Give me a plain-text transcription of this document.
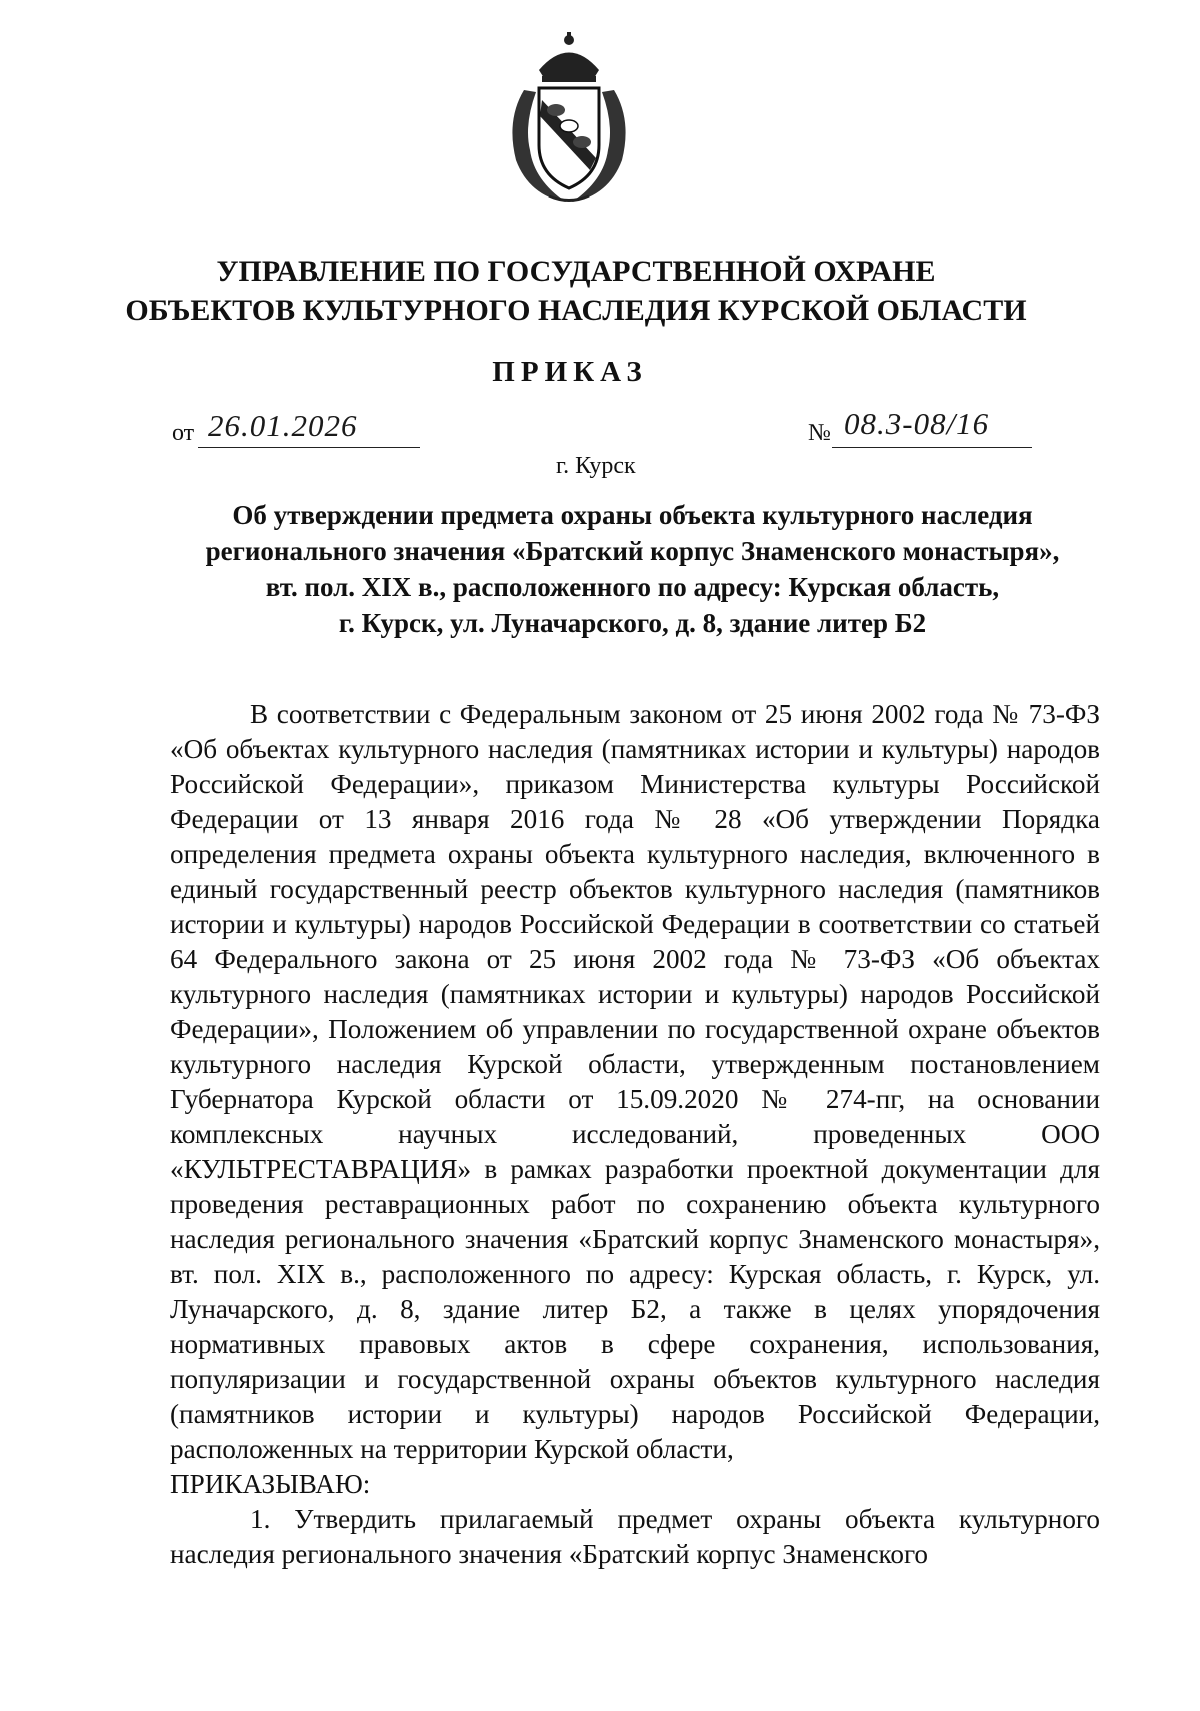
УПРАВЛЕНИЕ ПО ГОСУДАРСТВЕННОЙ ОХРАНЕ
ОБЪЕКТОВ КУЛЬТУРНОГО НАСЛЕДИЯ КУРСКОЙ ОБЛАСТИ
ПРИКАЗ
от 26.01.2026	№ 08.3-08/16
г. Курск
Об утверждении предмета охраны объекта культурного наследия
регионального значения «Братский корпус Знаменского монастыря»,
вт. пол. XIX в., расположенного по адресу: Курская область,
г. Курск, ул. Луначарского, д. 8, здание литер Б2

В соответствии с Федеральным законом от 25 июня 2002 года № 73-ФЗ «Об объектах культурного наследия (памятниках истории и культуры) народов Российской Федерации», приказом Министерства культуры Российской Федерации от 13 января 2016 года № 28 «Об утверждении Порядка определения предмета охраны объекта культурного наследия, включенного в единый государственный реестр объектов культурного наследия (памятников истории и культуры) народов Российской Федерации в соответствии со статьей 64 Федерального закона от 25 июня 2002 года № 73-ФЗ «Об объектах культурного наследия (памятниках истории и культуры) народов Российской Федерации», Положением об управлении по государственной охране объектов культурного наследия Курской области, утвержденным постановлением Губернатора Курской области от 15.09.2020 № 274-пг, на основании комплексных научных исследований, проведенных ООО «КУЛЬТРЕСТАВРАЦИЯ» в рамках разработки проектной документации для проведения реставрационных работ по сохранению объекта культурного наследия регионального значения «Братский корпус Знаменского монастыря», вт. пол. XIX в., расположенного по адресу: Курская область, г. Курск, ул. Луначарского, д. 8, здание литер Б2, а также в целях упорядочения нормативных правовых актов в сфере сохранения, использования, популяризации и государственной охраны объектов культурного наследия (памятников истории и культуры) народов Российской Федерации, расположенных на территории Курской области,

ПРИКАЗЫВАЮ:

1. Утвердить прилагаемый предмет охраны объекта культурного наследия регионального значения «Братский корпус Знаменского
